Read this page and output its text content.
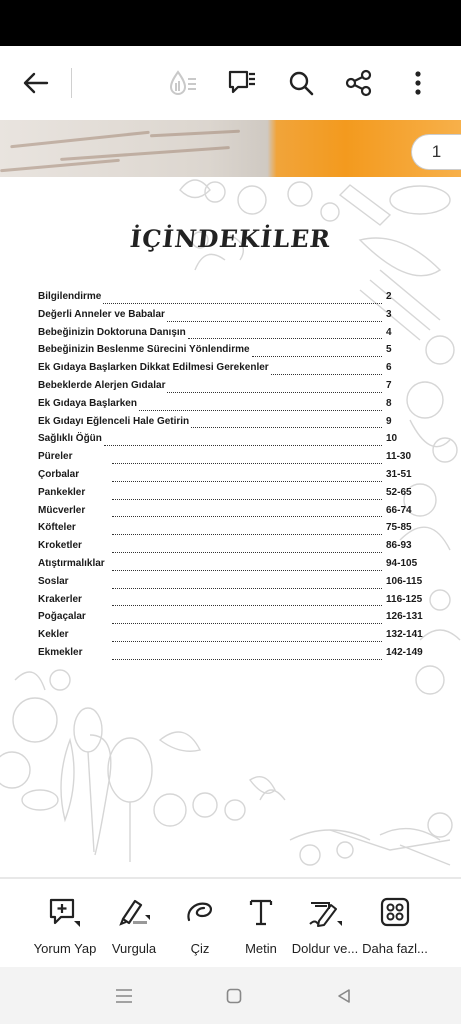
1
İÇİNDEKİLER
Bilgilendirme	2
Değerli Anneler ve Babalar	3
Bebeğinizin Doktoruna Danışın	4
Bebeğinizin Beslenme Sürecini Yönlendirme	5
Ek Gıdaya Başlarken Dikkat Edilmesi Gerekenler	6
Bebeklerde Alerjen Gıdalar	7
Ek Gıdaya Başlarken	8
Ek Gıdayı Eğlenceli Hale Getirin	9
Sağlıklı Öğün	10
Püreler	11-30
Çorbalar	31-51
Pankekler	52-65
Mücverler	66-74
Köfteler	75-85
Kroketler	86-93
Atıştırmalıklar	94-105
Soslar	106-115
Krakerler	116-125
Poğaçalar	126-131
Kekler	132-141
Ekmekler	142-149
Yorum Yap	Vurgula	Çiz	Metin	Doldur ve... Daha fazl...
